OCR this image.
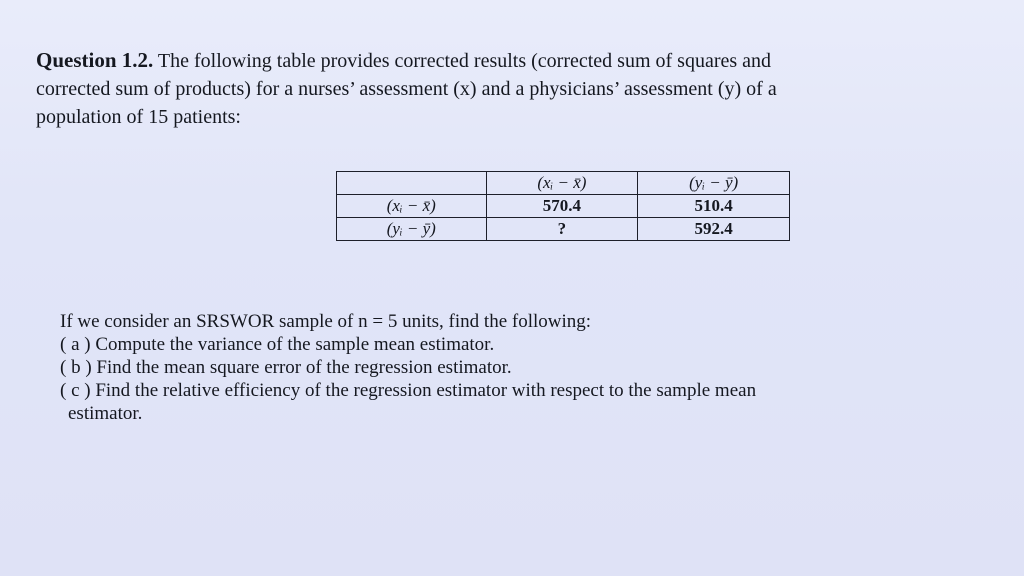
Question 1.2. The following table provides corrected results (corrected sum of squares and
corrected sum of products) for a nurses’ assessment (x) and a physicians’ assessment (y) of a
population of 15 patients:
	(xᵢ − x̄)	(yᵢ − ȳ)
(xᵢ − x̄)	570.4	510.4
(yᵢ − ȳ)	?	592.4
If we consider an SRSWOR sample of n = 5 units, find the following:
( a ) Compute the variance of the sample mean estimator.
( b ) Find the mean square error of the regression estimator.
( c ) Find the relative efficiency of the regression estimator with respect to the sample mean
estimator.
